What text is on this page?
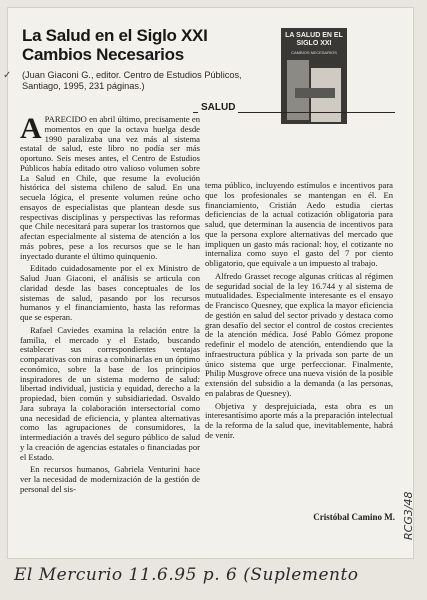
✓
La Salud en el Siglo XXI
Cambios Necesarios
(Juan Giaconi G., editor. Centro de Estudios Públicos, Santiago, 1995, 231 páginas.)
LA SALUD EN EL SIGLO XXI
CAMBIOS NECESARIOS
SALUD

APARECIDO en abril último, precisamente en momentos en que la octava huelga desde 1990 paralizaba una vez más al sistema estatal de salud, este libro no podía ser más oportuno. Seis meses antes, el Centro de Estudios Públicos había editado otro valioso volumen sobre La Salud en Chile, que resume la evolución histórica del sistema chileno de salud. En una secuela lógica, el presente volumen reúne ocho ensayos de especialistas que plantean desde sus respectivas disciplinas y perspectivas las reformas que Chile necesitará para superar los trastornos que afectan especialmente al sistema de atención a los más pobres, pese a los recursos que se le han inyectado durante el último quinquenio.

Editado cuidadosamente por el ex Ministro de Salud Juan Giaconi, el análisis se articula con claridad desde las bases conceptuales de los sistemas de salud, pasando por los recursos humanos y el financiamiento, hasta las reformas que se esperan.

Rafael Caviedes examina la relación entre la familia, el mercado y el Estado, buscando establecer sus correspondientes ventajas comparativas con miras a combinarlas en un óptimo económico, sobre la base de los principios inspiradores de un sistema moderno de salud: libertad individual, justicia y equidad, derecho a la propiedad, bien común y subsidiariedad. Osvaldo Jara subraya la colaboración intersectorial como una necesidad de eficiencia, y plantea alternativas como las agrupaciones de consumidores, la intermediación a través del seguro público de salud y la creación de agencias estatales o financiadas por el Estado.

En recursos humanos, Gabriela Venturini hace ver la necesidad de modernización de la gestión de personal del sis-

tema público, incluyendo estímulos e incentivos para que los profesionales se mantengan en él. En financiamiento, Cristián Aedo estudia ciertas deficiencias de la actual cotización obligatoria para salud, que determinan la ausencia de incentivos para que la persona explore alternativas del mercado que impliquen un gasto más racional: hoy, el cotizante no internaliza como suyo el gasto del 7 por ciento obligatorio, que equivale a un impuesto al trabajo.

Alfredo Grasset recoge algunas críticas al régimen de seguridad social de la ley 16.744 y al sistema de mutualidades. Especialmente interesante es el ensayo de Francisco Quesney, que explica la mayor eficiencia de gestión en salud del sector privado y destaca como gran desafío del sector el control de costos crecientes de la atención médica. José Pablo Gómez propone redefinir el modelo de atención, entendiendo que la infraestructura pública y la privada son parte de un único sistema que urge perfeccionar. Finalmente, Philip Musgrove ofrece una nueva visión de la posible extensión del subsidio a la demanda (a las personas, en palabras de Quesney).

Objetiva y desprejuiciada, esta obra es un interesantísimo aporte más a la preparación intelectual de la reforma de la salud que, inevitablemente, habrá de venir.

Cristóbal Camino M. RCG3/48
El Mercurio 11.6.95 p. 6 (Suplemento
